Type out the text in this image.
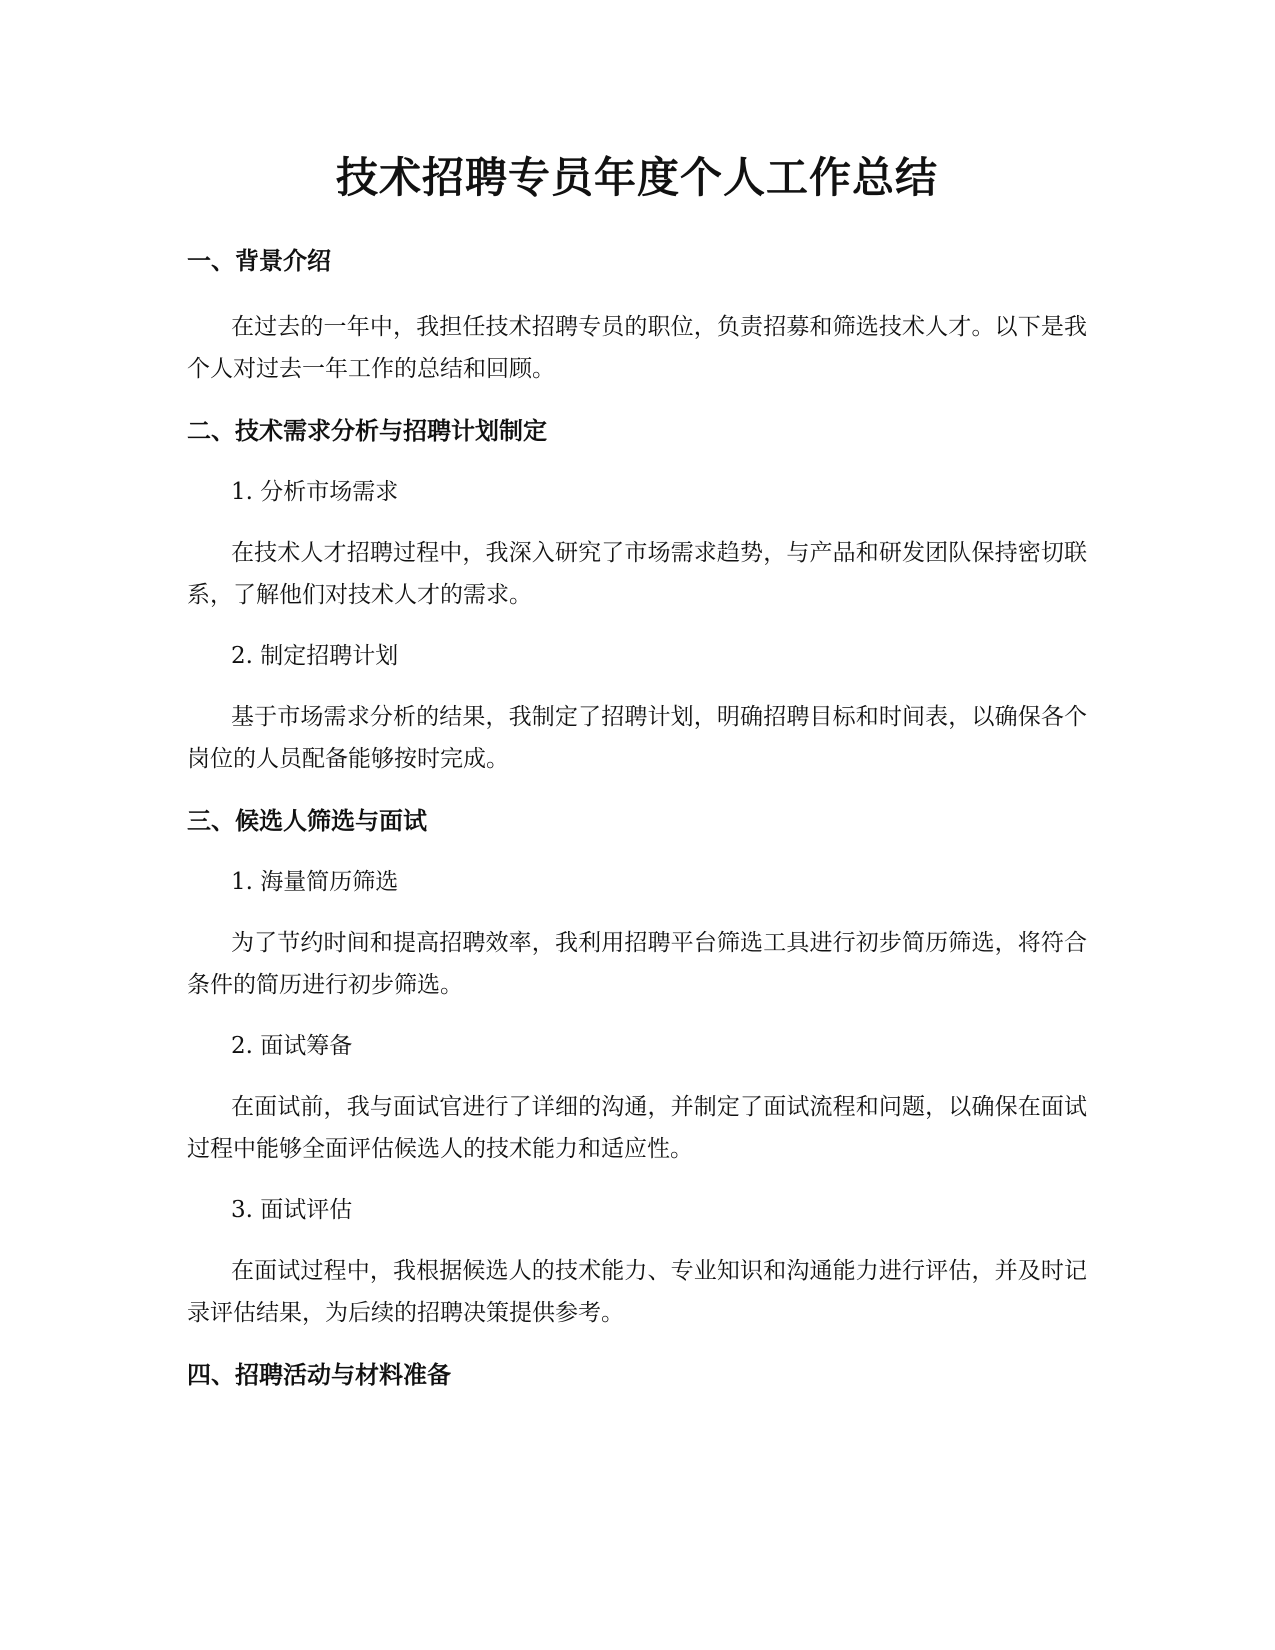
技术招聘专员年度个人工作总结
一、背景介绍

在过去的一年中，我担任技术招聘专员的职位，负责招募和筛选技术人才。以下是我个人对过去一年工作的总结和回顾。

二、技术需求分析与招聘计划制定

1. 分析市场需求

在技术人才招聘过程中，我深入研究了市场需求趋势，与产品和研发团队保持密切联系，了解他们对技术人才的需求。

2. 制定招聘计划

基于市场需求分析的结果，我制定了招聘计划，明确招聘目标和时间表，以确保各个岗位的人员配备能够按时完成。

三、候选人筛选与面试

1. 海量简历筛选

为了节约时间和提高招聘效率，我利用招聘平台筛选工具进行初步简历筛选，将符合条件的简历进行初步筛选。

2. 面试筹备

在面试前，我与面试官进行了详细的沟通，并制定了面试流程和问题，以确保在面试过程中能够全面评估候选人的技术能力和适应性。

3. 面试评估

在面试过程中，我根据候选人的技术能力、专业知识和沟通能力进行评估，并及时记录评估结果，为后续的招聘决策提供参考。

四、招聘活动与材料准备
